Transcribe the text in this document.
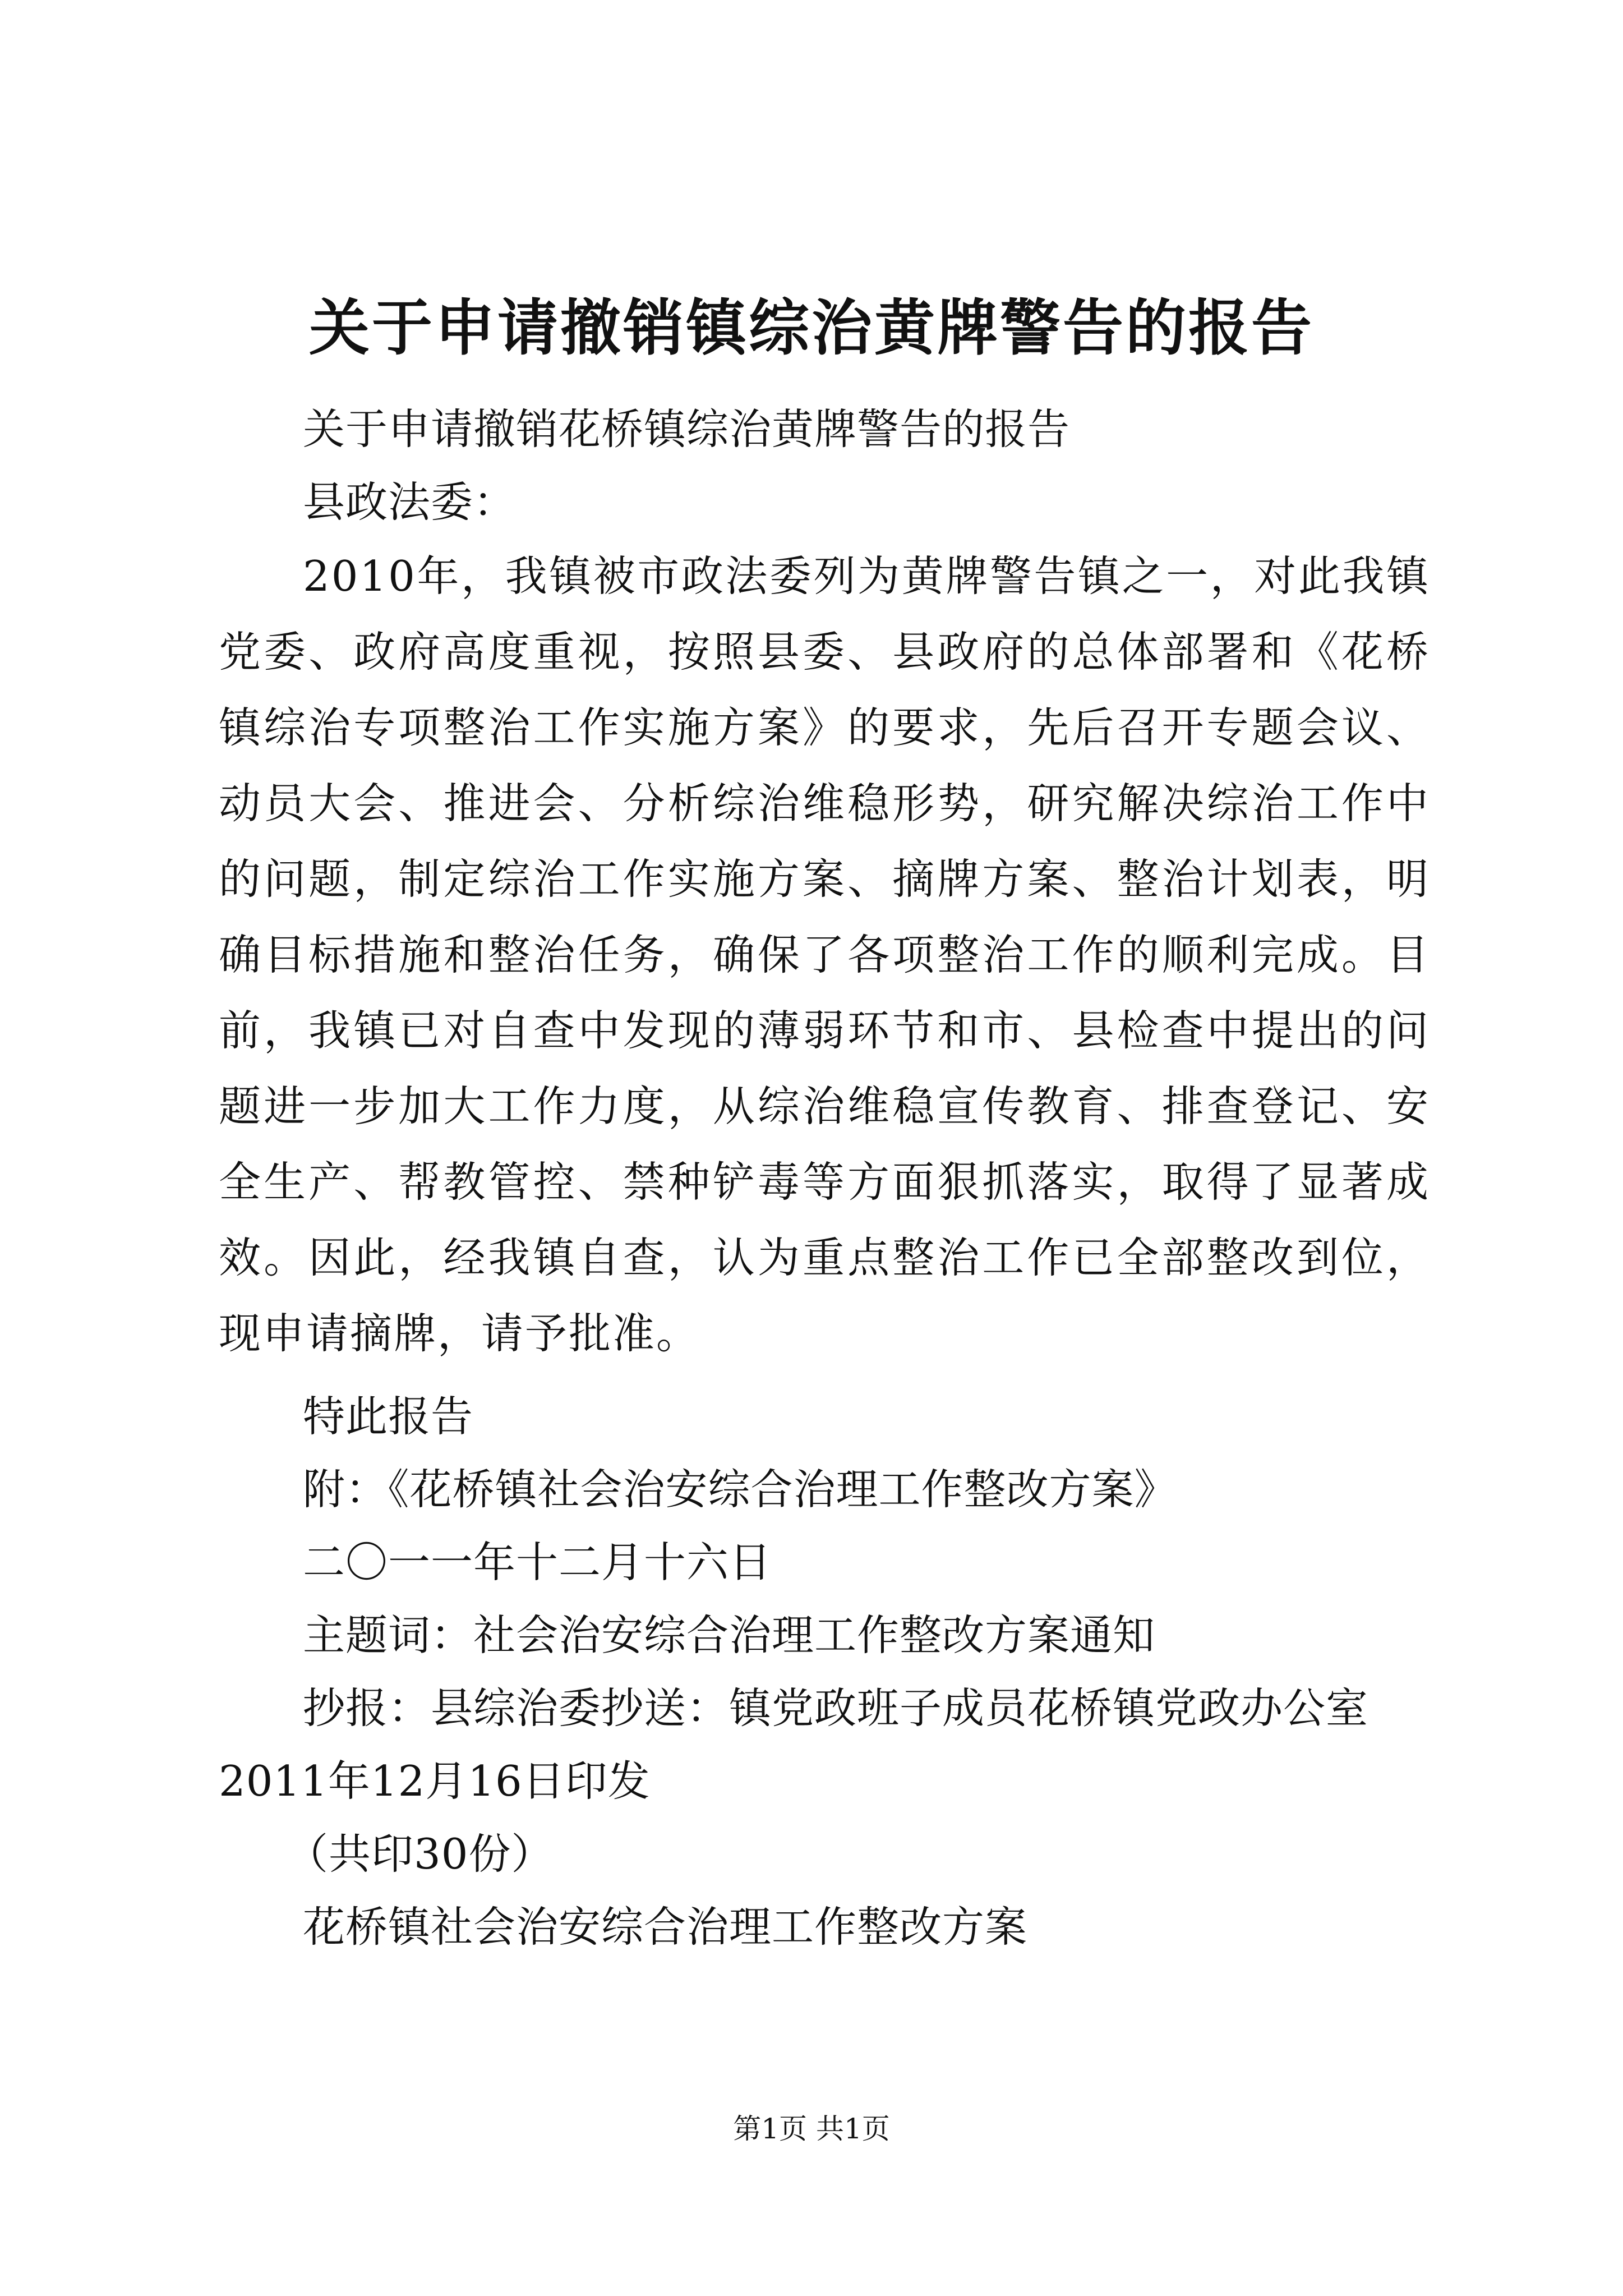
关于申请撤销镇综治黄牌警告的报告
关于申请撤销花桥镇综治黄牌警告的报告
县政法委：

2010年，我镇被市政法委列为黄牌警告镇之一，对此我镇党委、政府高度重视，按照县委、县政府的总体部署和《花桥镇综治专项整治工作实施方案》的要求，先后召开专题会议、动员大会、推进会、分析综治维稳形势，研究解决综治工作中的问题，制定综治工作实施方案、摘牌方案、整治计划表，明确目标措施和整治任务，确保了各项整治工作的顺利完成。目前，我镇已对自查中发现的薄弱环节和市、县检查中提出的问题进一步加大工作力度，从综治维稳宣传教育、排查登记、安全生产、帮教管控、禁种铲毒等方面狠抓落实，取得了显著成效。因此，经我镇自查，认为重点整治工作已全部整改到位，现申请摘牌，请予批准。

特此报告
附：《花桥镇社会治安综合治理工作整改方案》
二〇一一年十二月十六日
主题词：社会治安综合治理工作整改方案通知
抄报：县综治委抄送：镇党政班子成员花桥镇党政办公室
2011年12月16日印发
（共印30份）
花桥镇社会治安综合治理工作整改方案
第1页 共1页
